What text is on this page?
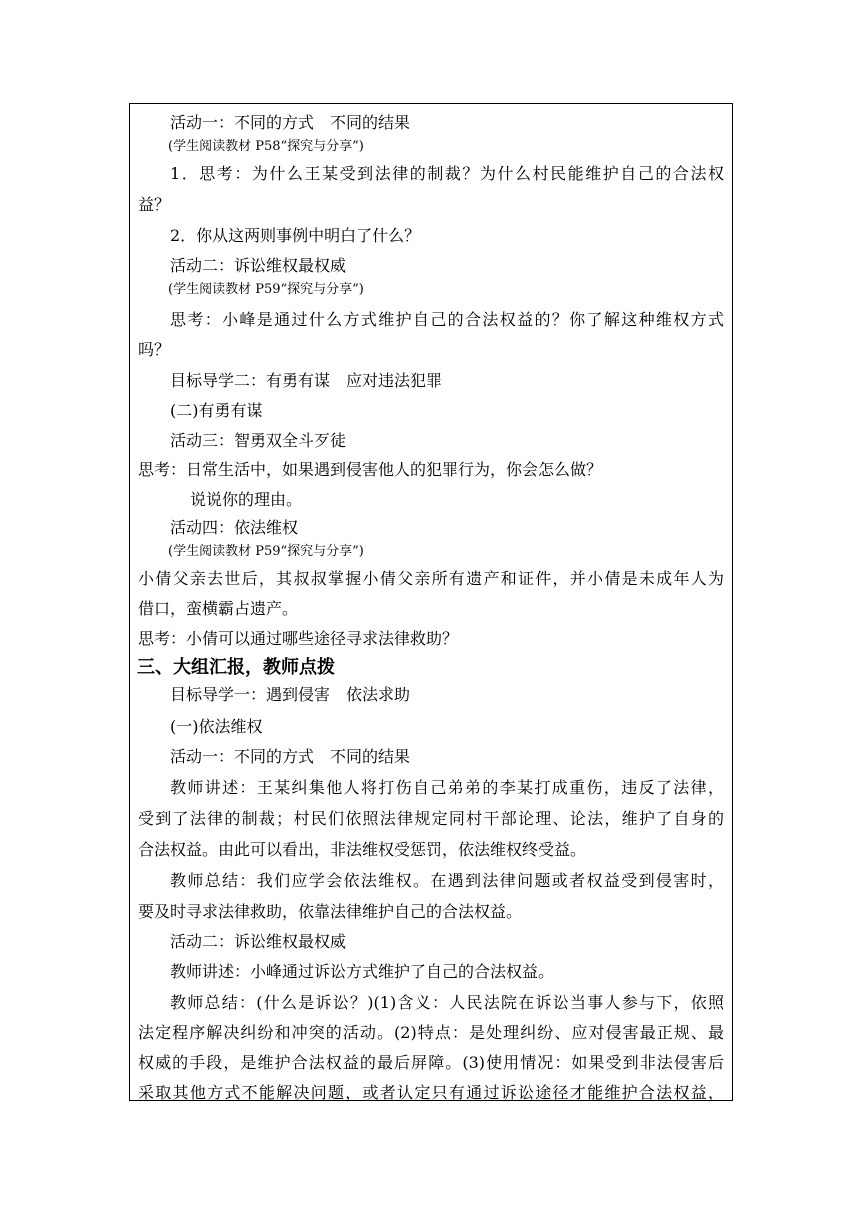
活动一：不同的方式　不同的结果
(学生阅读教材 P58“探究与分享”)
1．思考：为什么王某受到法律的制裁？为什么村民能维护自己的合法权
益？
2．你从这两则事例中明白了什么？
活动二：诉讼维权最权威
(学生阅读教材 P59“探究与分享”)
思考：小峰是通过什么方式维护自己的合法权益的？你了解这种维权方式
吗？
目标导学二：有勇有谋　应对违法犯罪
(二)有勇有谋
活动三：智勇双全斗歹徒
思考：日常生活中，如果遇到侵害他人的犯罪行为，你会怎么做？
说说你的理由。
活动四：依法维权
(学生阅读教材 P59“探究与分享”)
小倩父亲去世后，其叔叔掌握小倩父亲所有遗产和证件，并小倩是未成年人为
借口，蛮横霸占遗产。
思考：小倩可以通过哪些途径寻求法律救助？
三、大组汇报，教师点拨
目标导学一：遇到侵害　依法求助
(一)依法维权
活动一：不同的方式　不同的结果
教师讲述：王某纠集他人将打伤自己弟弟的李某打成重伤，违反了法律，
受到了法律的制裁；村民们依照法律规定同村干部论理、论法，维护了自身的
合法权益。由此可以看出，非法维权受惩罚，依法维权终受益。
教师总结：我们应学会依法维权。在遇到法律问题或者权益受到侵害时，
要及时寻求法律救助，依靠法律维护自己的合法权益。
活动二：诉讼维权最权威
教师讲述：小峰通过诉讼方式维护了自己的合法权益。
教师总结：(什么是诉讼？)(1)含义：人民法院在诉讼当事人参与下，依照
法定程序解决纠纷和冲突的活动。(2)特点：是处理纠纷、应对侵害最正规、最
权威的手段，是维护合法权益的最后屏障。(3)使用情况：如果受到非法侵害后
采取其他方式不能解决问题，或者认定只有通过诉讼途径才能维护合法权益，
